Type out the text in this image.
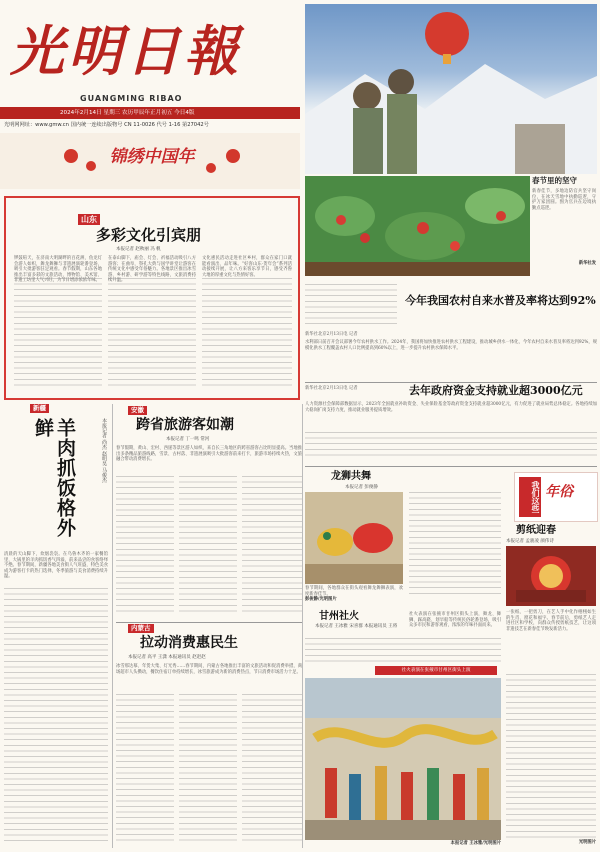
光明日報
GUANGMING RIBAO
2024年2月14日 星期三 农历甲辰年正月初五 今日4版
光明网网址：www.gmw.cn 国内统一连续出版物号 CN 11-0026 代号 1-16 第27042号
锦绣中国年
春节里的坚守
新春佳节，多地边防官兵坚守岗位，在冰天雪地中执勤巡逻，守护万家团圆。图为官兵在边境执勤点巡逻。
新华社发
山东
多彩文化引宾朋
本报记者 赵秋丽 冯 帆
锣鼓喧天，在济南大明湖畔的百花洲，鱼龙灯会游人如织，舞龙舞狮与非遗展演轮番登场，吸引大批游客驻足观看。春节假期，山东各地推出丰富多彩的文旅活动，博物馆、美术馆、非遗工坊里人气兴旺，为节日增添浓浓年味。
在泰山脚下，庙会、灯会、祈福活动吸引八方游客；在曲阜，祭孔大典与国学讲堂让游客在传统文化中感受年俗魅力。各地景区推出冰雪游、乡村游、研学游等特色线路，文旅消费持续升温。
文化惠民活动走进社区乡村，群众在家门口就能看演出、品年味。“好客山东·贺年会”系列活动接续开展，让八方来客乐享节日，感受齐鲁大地的厚重文化与热情好客。
今年我国农村自来水普及率将达到92%
新华社北京2月13日电 记者
水利部日前召开会议部署今年农村供水工作。2024年，我国将加快推进农村供水工程建设，推动城乡供水一体化，今年农村自来水普及率将达到92%，规模化供水工程覆盖农村人口比例提高到60%以上，进一步提升农村供水保障水平。
新华社北京2月13日电 记者	去年政府资金支持就业超3000亿元
人力资源社会保障部数据显示，2023年全国就业补助资金、失业保险基金等政府资金支持就业超3000亿元，有力促进了就业局势总体稳定。各地持续加大稳岗扩岗支持力度，推动就业服务提质增效。
龙狮共舞
本报记者 彭俊静
春节期间，各地群众在街头观看舞龙舞狮表演，欢度新春佳节。
彭俊静/光明图片
我们这些 年俗
剪纸迎春
本报记者 孟骏凌 颜伟诗
一张纸、一把剪刀，在艺人手中化作栩栩如生的生肖、窗花和福字。春节前后，剪纸艺人走进社区和学校，向群众传授剪纸技艺，让这项非遗技艺在新春佳节焕发新活力。
光明图片
新疆
羊肉抓饭格外鲜	本报记者 尚杰 赵明昊 马俊杰
清晨的天山脚下，炊烟袅袅。在乌鲁木齐的一家餐馆里，大锅里的羊肉抓饭香气四溢，前来品尝的食客络绎不绝。春节期间，新疆各地美食街人气旺盛，特色美食成为游客打卡的热门选择，冬季旅游与美食消费持续升温。
安徽
跨省旅游客如潮
本报记者 丁一鸣 常河
春节假期，黄山、宏村、西递等景区游人如织，来自长三角地区的跨省游客占比明显提高。当地推出多条精品旅游线路，雪景、古村落、非遗展演吸引大批游客前来打卡，旅游市场持续火热，文旅融合带动消费增长。
内蒙古
拉动消费惠民生
本报记者 高平 王潇 本报通讯员 赵赵赵
冰雪那达慕、年货大集、灯光秀……春节期间，内蒙古各地推出丰富的文旅活动和促消费举措，商场超市人头攒动，餐饮住宿订单持续增长，冰雪旅游成为新的消费热点，节日消费市场活力十足。
甘州社火
本报记者 王冰雅 宋喜群 本报通讯员 王将
社火表演在张掖市甘州区街头上演，舞龙、舞狮、踩高跷、划旱船等传统民俗轮番登场，吸引众多市民和游客观看，浓浓的年味扑面而来。
社火表演在张掖市甘州区街头上演
本报记者 王冰雅/光明图片
